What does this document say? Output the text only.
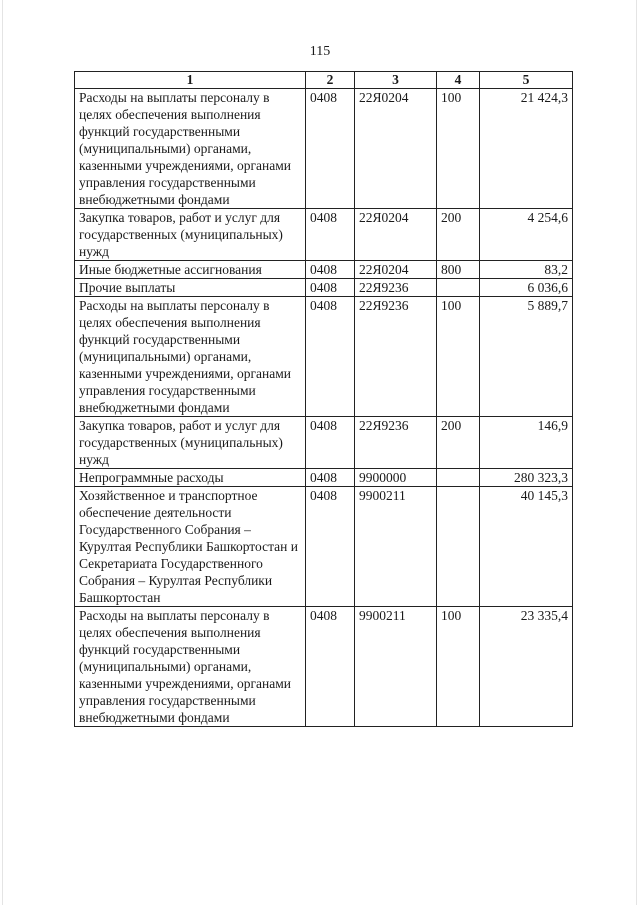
115
1	2	3	4	5
Расходы на выплаты персоналу в целях обеспечения выполнения функций государственными (муниципальными) органами, казенными учреждениями, органами управления государственными внебюджетными фондами	0408	22Я0204	100	21 424,3
Закупка товаров, работ и услуг для государственных (муниципальных) нужд	0408	22Я0204	200	4 254,6
Иные бюджетные ассигнования	0408	22Я0204	800	83,2
Прочие выплаты	0408	22Я9236		6 036,6
Расходы на выплаты персоналу в целях обеспечения выполнения функций государственными (муниципальными) органами, казенными учреждениями, органами управления государственными внебюджетными фондами	0408	22Я9236	100	5 889,7
Закупка товаров, работ и услуг для государственных (муниципальных) нужд	0408	22Я9236	200	146,9
Непрограммные расходы	0408	9900000		280 323,3
Хозяйственное и транспортное обеспечение деятельности Государственного Собрания – Курултая Республики Башкортостан и Секретариата Государственного Собрания – Курултая Республики Башкортостан	0408	9900211		40 145,3
Расходы на выплаты персоналу в целях обеспечения выполнения функций государственными (муниципальными) органами, казенными учреждениями, органами управления государственными внебюджетными фондами	0408	9900211	100	23 335,4
